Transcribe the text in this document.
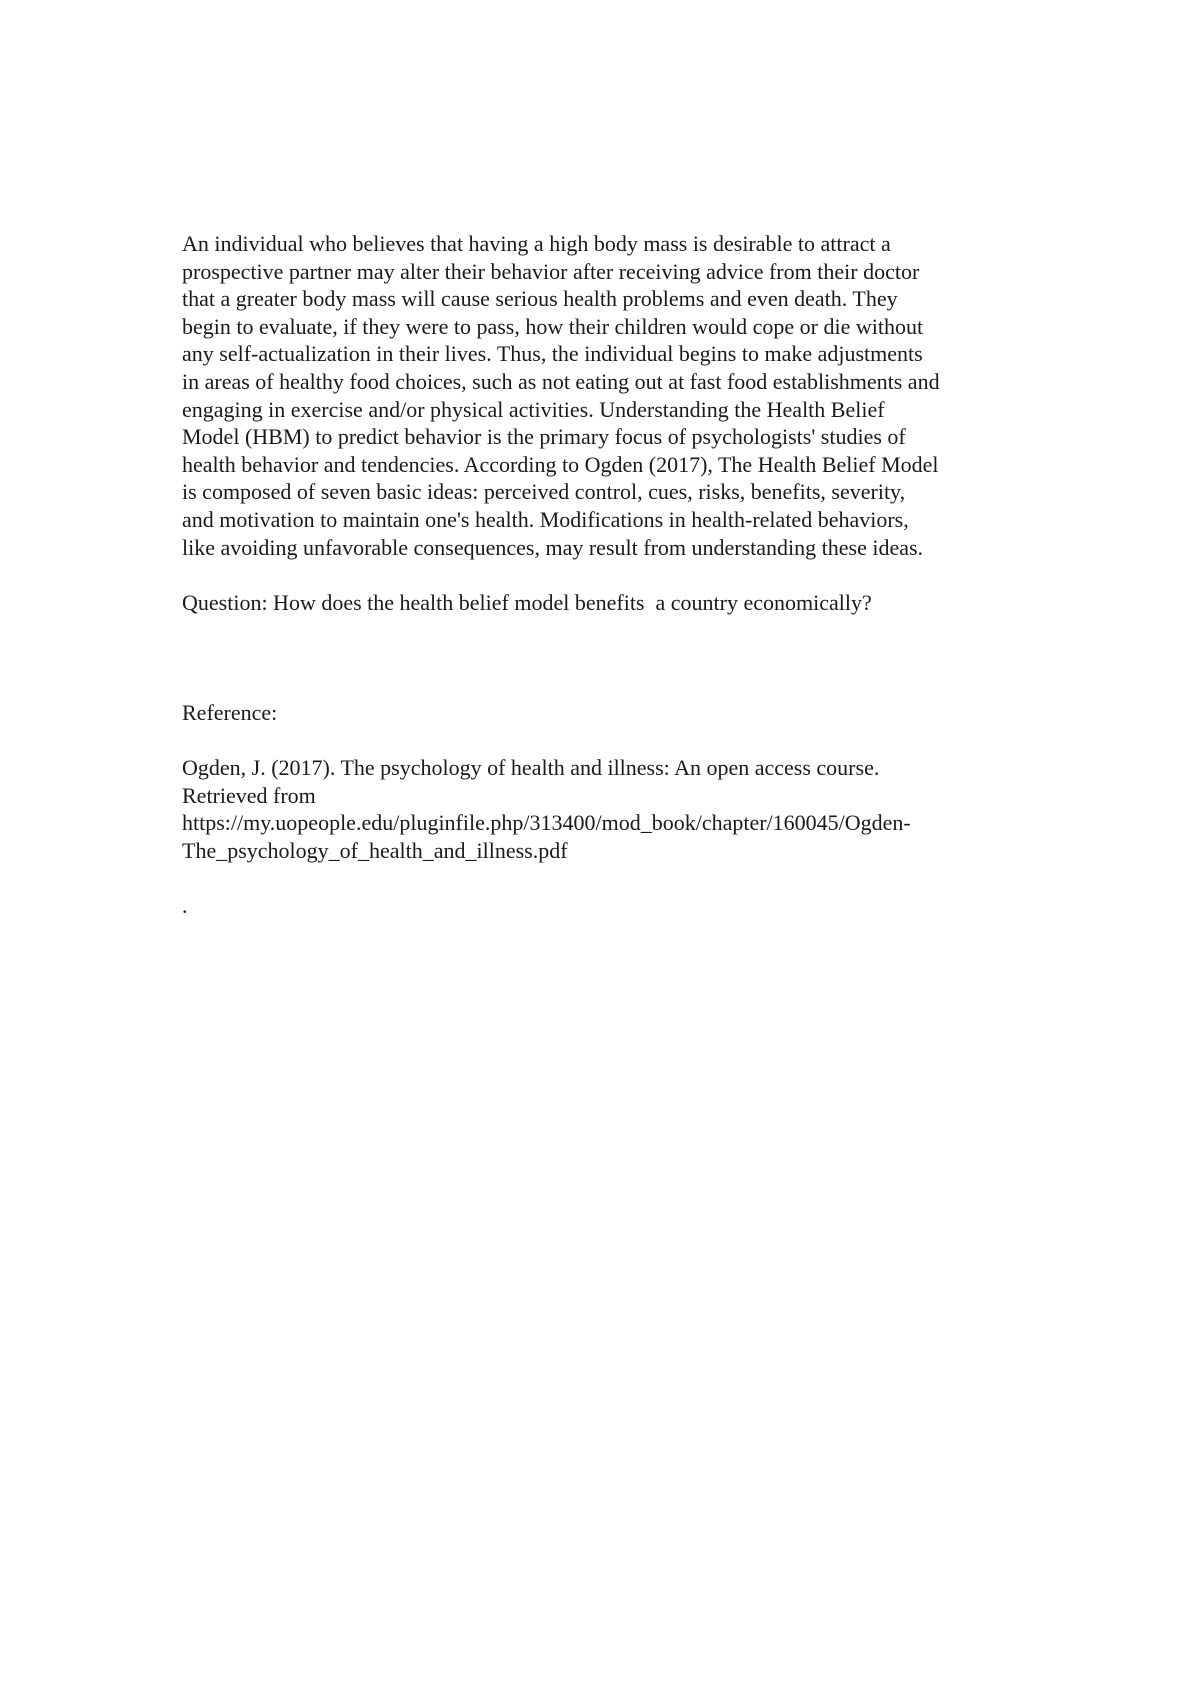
An individual who believes that having a high body mass is desirable to attract a
prospective partner may alter their behavior after receiving advice from their doctor
that a greater body mass will cause serious health problems and even death. They
begin to evaluate, if they were to pass, how their children would cope or die without
any self-actualization in their lives. Thus, the individual begins to make adjustments
in areas of healthy food choices, such as not eating out at fast food establishments and
engaging in exercise and/or physical activities. Understanding the Health Belief
Model (HBM) to predict behavior is the primary focus of psychologists' studies of
health behavior and tendencies. According to Ogden (2017), The Health Belief Model
is composed of seven basic ideas: perceived control, cues, risks, benefits, severity,
and motivation to maintain one's health. Modifications in health-related behaviors,
like avoiding unfavorable consequences, may result from understanding these ideas.
Question: How does the health belief model benefits  a country economically?
Reference:
Ogden, J. (2017). The psychology of health and illness: An open access course.
Retrieved from
https://my.uopeople.edu/pluginfile.php/313400/mod_book/chapter/160045/Ogden-
The_psychology_of_health_and_illness.pdf
.
